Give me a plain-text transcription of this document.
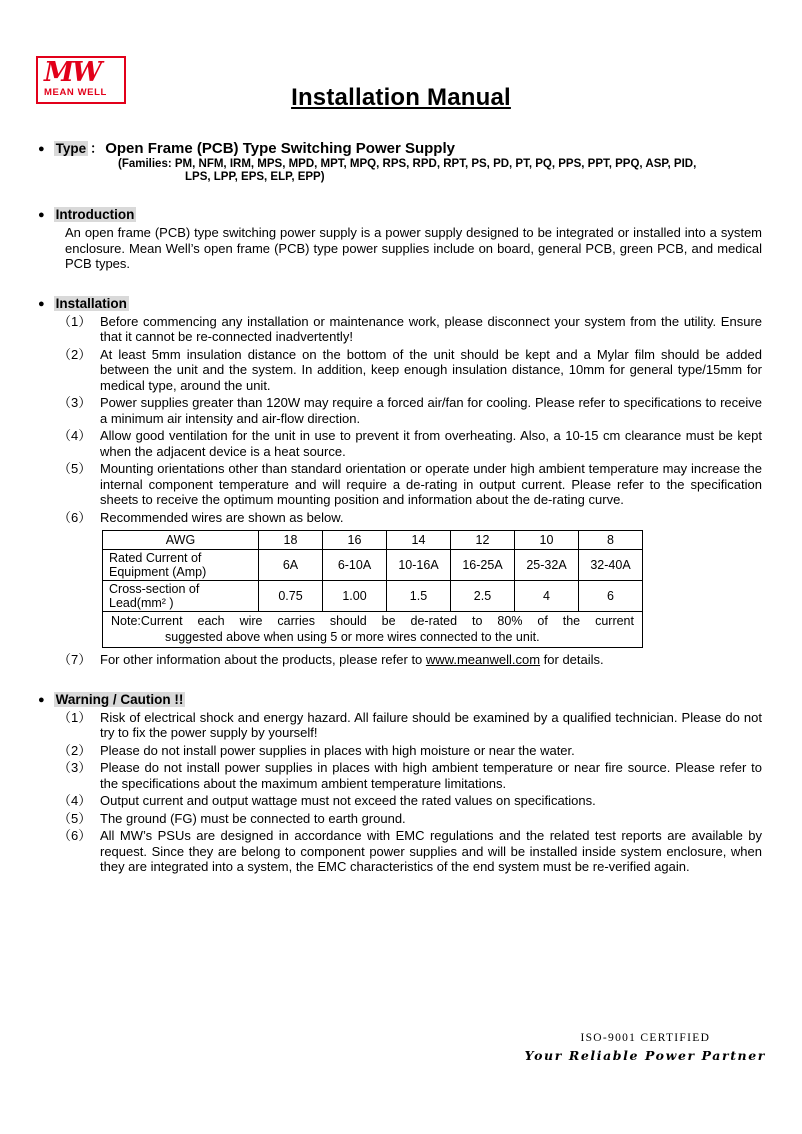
MW
MEAN WELL	Installation Manual
● Type ： Open Frame (PCB) Type Switching Power Supply
(Families: PM, NFM, IRM, MPS, MPD, MPT, MPQ, RPS, RPD, RPT, PS, PD, PT, PQ, PPS, PPT, PPQ, ASP, PID,
LPS, LPP, EPS, ELP, EPP)
● Introduction

An open frame (PCB) type switching power supply is a power supply designed to be integrated or installed into a system enclosure. Mean Well’s open frame (PCB) type power supplies include on board, general PCB, green PCB, and medical PCB types.

● Installation
（1） Before commencing any installation or maintenance work, please disconnect your system from the utility. Ensure that it cannot be re-connected inadvertently!
（2） At least 5mm insulation distance on the bottom of the unit should be kept and a Mylar film should be added between the unit and the system. In addition, keep enough insulation distance, 10mm for general type/15mm for medical type, around the unit.
（3） Power supplies greater than 120W may require a forced air/fan for cooling. Please refer to specifications to receive a minimum air intensity and air-flow direction.
（4） Allow good ventilation for the unit in use to prevent it from overheating. Also, a 10-15 cm clearance must be kept when the adjacent device is a heat source.
（5） Mounting orientations other than standard orientation or operate under high ambient temperature may increase the internal component temperature and will require a de-rating in output current. Please refer to the specification sheets to receive the optimum mounting position and information about the de-rating curve.
（6） Recommended wires are shown as below.
AWG	18	16	14	12	10	8
Rated Current of Equipment (Amp)	6A	6-10A	10-16A	16-25A	25-32A	32-40A
Cross-section of Lead(mm² )	0.75	1.00	1.5	2.5	4	6

Note:Current each wire carries should be de-rated to 80% of the current
suggested above when using 5 or more wires connected to the unit.						
（7） For other information about the products, please refer to www.meanwell.com for details.
● Warning / Caution !!
（1） Risk of electrical shock and energy hazard. All failure should be examined by a qualified technician. Please do not try to fix the power supply by yourself!
（2） Please do not install power supplies in places with high moisture or near the water.
（3） Please do not install power supplies in places with high ambient temperature or near fire source. Please refer to the specifications about the maximum ambient temperature limitations.
（4） Output current and output wattage must not exceed the rated values on specifications.
（5） The ground (FG) must be connected to earth ground.
（6） All MW’s PSUs are designed in accordance with EMC regulations and the related test reports are available by request. Since they are belong to component power supplies and will be installed inside system enclosure, when they are integrated into a system, the EMC characteristics of the end system must be re-verified again.
ISO-9001 CERTIFIED
Your Reliable Power Partner
